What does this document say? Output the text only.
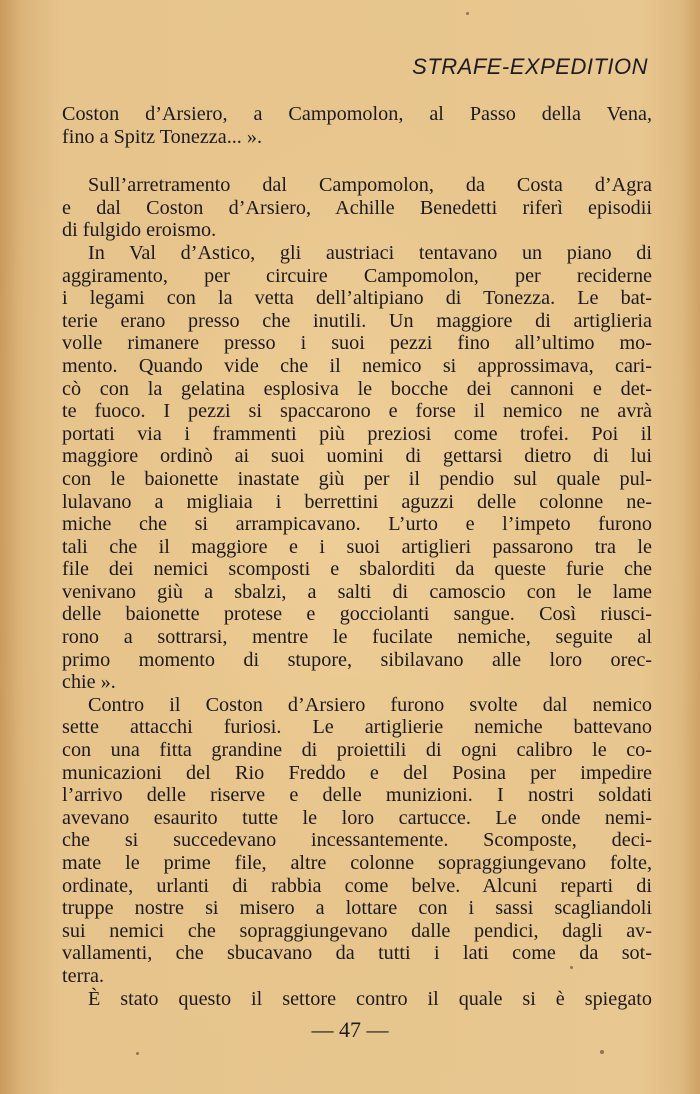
STRAFE-EXPEDITION
Coston d’Arsiero, a Campomolon, al Passo della Vena,
fino a Spitz Tonezza... ».
Sull’arretramento dal Campomolon, da Costa d’Agra
e dal Coston d’Arsiero, Achille Benedetti riferì episodii
di fulgido eroismo.
In Val d’Astico, gli austriaci tentavano un piano di
aggiramento, per circuire Campomolon, per reciderne
i legami con la vetta dell’altipiano di Tonezza. Le bat-
terie erano presso che inutili. Un maggiore di artiglieria
volle rimanere presso i suoi pezzi fino all’ultimo mo-
mento. Quando vide che il nemico si approssimava, cari-
cò con la gelatina esplosiva le bocche dei cannoni e det-
te fuoco. I pezzi si spaccarono e forse il nemico ne avrà
portati via i frammenti più preziosi come trofei. Poi il
maggiore ordinò ai suoi uomini di gettarsi dietro di lui
con le baionette inastate giù per il pendio sul quale pul-
lulavano a migliaia i berrettini aguzzi delle colonne ne-
miche che si arrampicavano. L’urto e l’impeto furono
tali che il maggiore e i suoi artiglieri passarono tra le
file dei nemici scomposti e sbalorditi da queste furie che
venivano giù a sbalzi, a salti di camoscio con le lame
delle baionette protese e gocciolanti sangue. Così riusci-
rono a sottrarsi, mentre le fucilate nemiche, seguite al
primo momento di stupore, sibilavano alle loro orec-
chie ».
Contro il Coston d’Arsiero furono svolte dal nemico
sette attacchi furiosi. Le artiglierie nemiche battevano
con una fitta grandine di proiettili di ogni calibro le co-
municazioni del Rio Freddo e del Posina per impedire
l’arrivo delle riserve e delle munizioni. I nostri soldati
avevano esaurito tutte le loro cartucce. Le onde nemi-
che si succedevano incessantemente. Scomposte, deci-
mate le prime file, altre colonne sopraggiungevano folte,
ordinate, urlanti di rabbia come belve. Alcuni reparti di
truppe nostre si misero a lottare con i sassi scagliandoli
sui nemici che sopraggiungevano dalle pendici, dagli av-
vallamenti, che sbucavano da tutti i lati come da sot-
terra.
È stato questo il settore contro il quale si è spiegato
— 47 —
